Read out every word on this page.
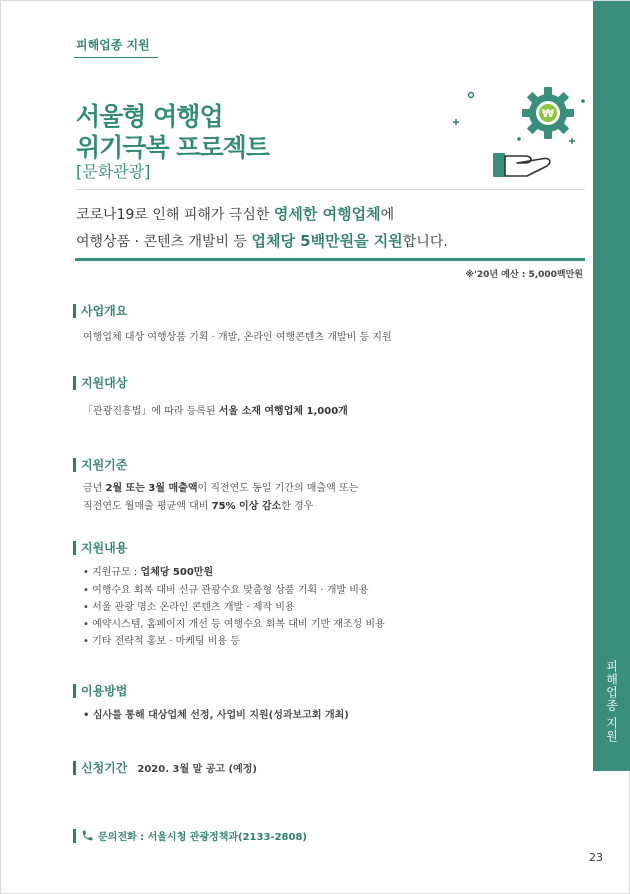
피해업종 지원
피해업종 지원
서울형 여행업
위기극복 프로젝트
[문화관광]
₩
코로나19로 인해 피해가 극심한 영세한 여행업체에
여행상품 · 콘텐츠 개발비 등 업체당 5백만원을 지원합니다.
※'20년 예산 : 5,000백만원
사업개요
여행업체 대상 여행상품 기획 · 개발, 온라인 여행콘텐츠 개발비 등 지원
지원대상
「관광진흥법」에 따라 등록된 서울 소재 여행업체 1,000개
지원기준
금년 2월 또는 3월 매출액이 직전연도 동일 기간의 매출액 또는
직전연도 월매출 평균액 대비 75% 이상 감소한 경우
지원내용
• 지원규모 : 업체당 500만원
• 여행수요 회복 대비 신규 관광수요 맞춤형 상품 기획 · 개발 비용
• 서울 관광 명소 온라인 콘텐츠 개발 · 제작 비용
• 예약시스템, 홈페이지 개선 등 여행수요 회복 대비 기반 재조성 비용
• 기타 전략적 홍보 · 마케팅 비용 등
이용방법
• 심사를 통해 대상업체 선정, 사업비 지원(성과보고회 개최)
신청기간 2020. 3월 말 공고 (예정)
문의전화 : 서울시청 관광정책과(2133-2808)
23
